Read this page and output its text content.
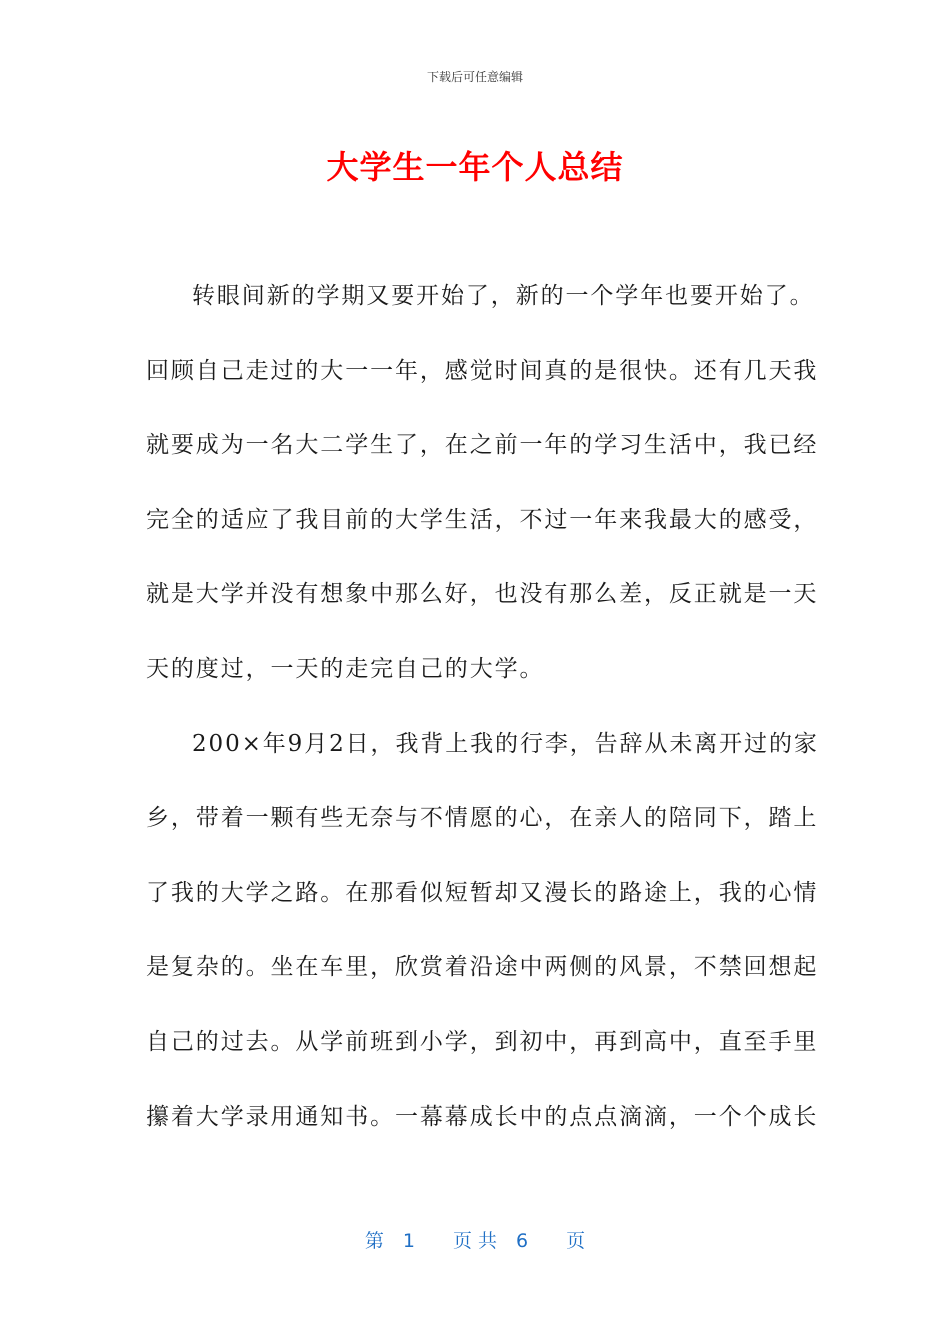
下载后可任意编辑
大学生一年个人总结
转眼间新的学期又要开始了，新的一个学年也要开始了。
回顾自己走过的大一一年，感觉时间真的是很快。还有几天我
就要成为一名大二学生了，在之前一年的学习生活中，我已经
完全的适应了我目前的大学生活，不过一年来我最大的感受，
就是大学并没有想象中那么好，也没有那么差，反正就是一天
天的度过，一天的走完自己的大学。
200×年9月2日，我背上我的行李，告辞从未离开过的家
乡，带着一颗有些无奈与不情愿的心，在亲人的陪同下，踏上
了我的大学之路。在那看似短暂却又漫长的路途上，我的心情
是复杂的。坐在车里，欣赏着沿途中两侧的风景，不禁回想起
自己的过去。从学前班到小学，到初中，再到高中，直至手里
攥着大学录用通知书。一幕幕成长中的点点滴滴，一个个成长
第　1　　页 共　6　　页
